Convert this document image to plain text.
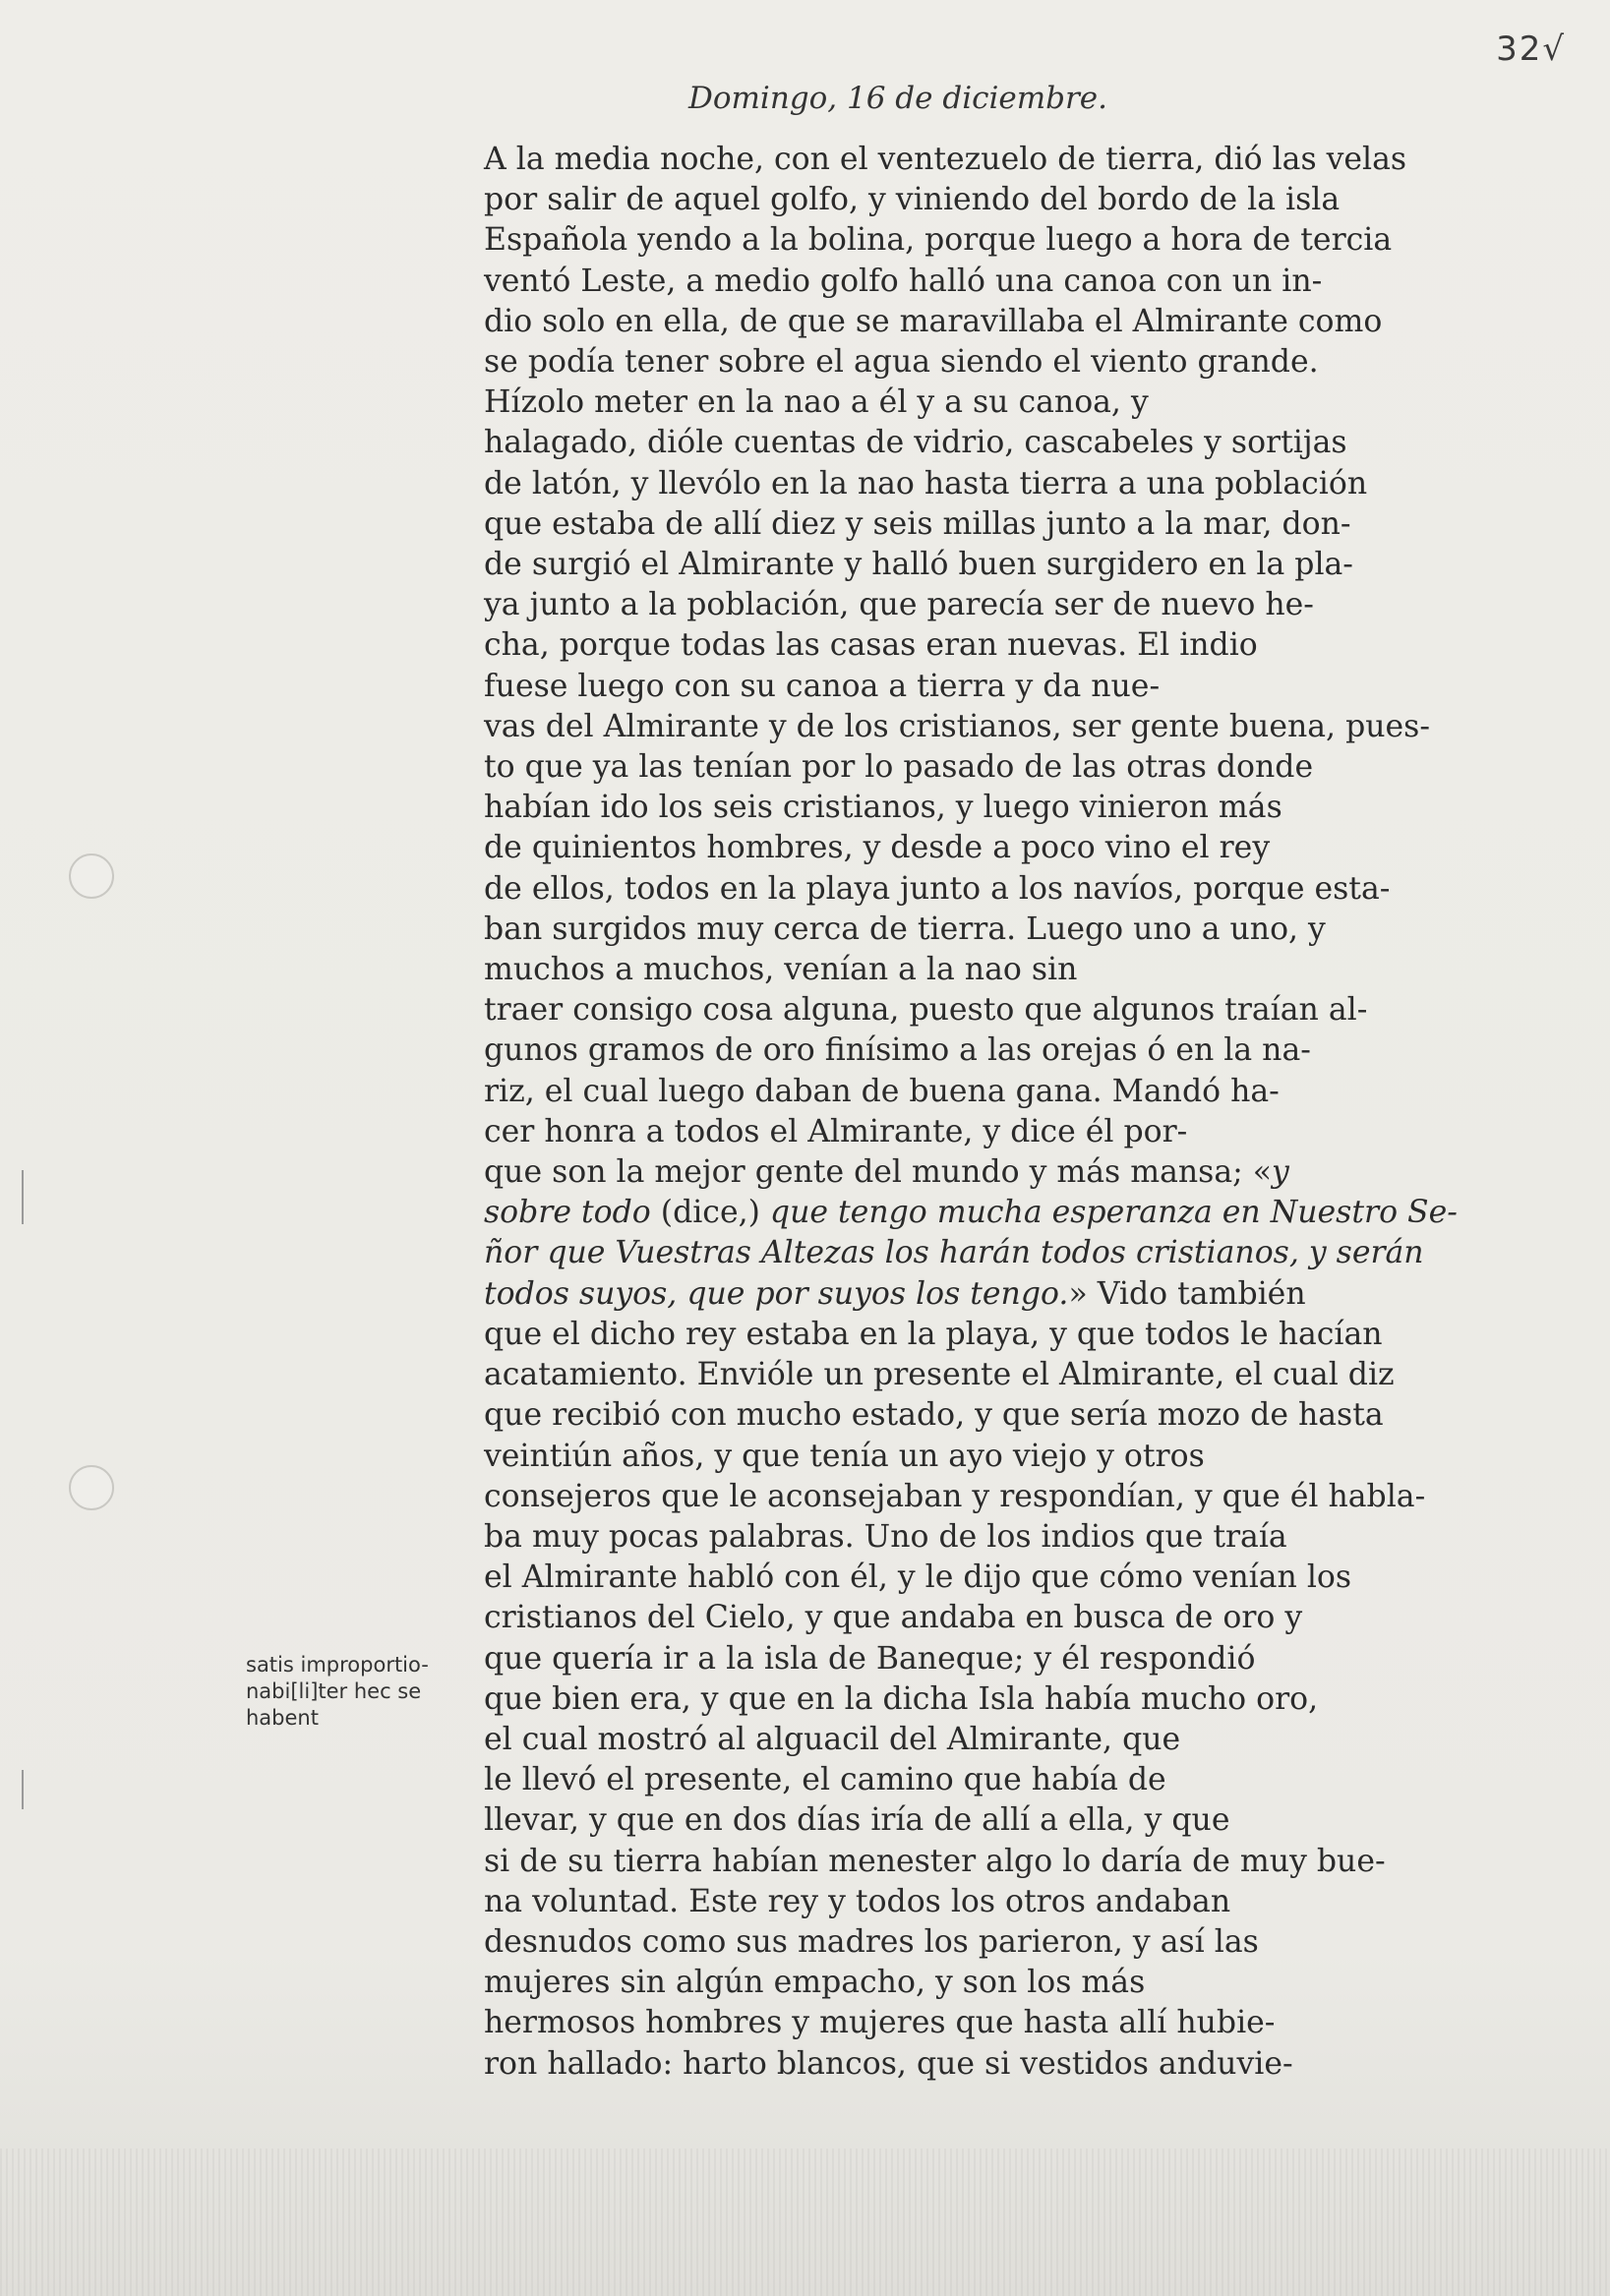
32√
Domingo, 16 de diciembre.
A la media noche, con el ventezuelo de tierra, dió las velas
por salir de aquel golfo, y viniendo del bordo de la isla
Española yendo a la bolina, porque luego a hora de tercia
ventó Leste, a medio golfo halló una canoa con un in-
dio solo en ella, de que se maravillaba el Almirante como
se podía tener sobre el agua siendo el viento grande.
Hízolo meter en la nao a él y a su canoa, y
halagado, dióle cuentas de vidrio, cascabeles y sortijas
de latón, y llevólo en la nao hasta tierra a una población
que estaba de allí diez y seis millas junto a la mar, don-
de surgió el Almirante y halló buen surgidero en la pla-
ya junto a la población, que parecía ser de nuevo he-
cha, porque todas las casas eran nuevas. El indio
fuese luego con su canoa a tierra y da nue-
vas del Almirante y de los cristianos, ser gente buena, pues-
to que ya las tenían por lo pasado de las otras donde
habían ido los seis cristianos, y luego vinieron más
de quinientos hombres, y desde a poco vino el rey
de ellos, todos en la playa junto a los navíos, porque esta-
ban surgidos muy cerca de tierra. Luego uno a uno, y
muchos a muchos, venían a la nao sin
traer consigo cosa alguna, puesto que algunos traían al-
gunos gramos de oro finísimo a las orejas ó en la na-
riz, el cual luego daban de buena gana. Mandó ha-
cer honra a todos el Almirante, y dice él por-
que son la mejor gente del mundo y más mansa; «y
sobre todo (dice,) que tengo mucha esperanza en Nuestro Se-
ñor que Vuestras Altezas los harán todos cristianos, y serán
todos suyos, que por suyos los tengo.» Vido también
que el dicho rey estaba en la playa, y que todos le hacían
acatamiento. Envióle un presente el Almirante, el cual diz
que recibió con mucho estado, y que sería mozo de hasta
veintiún años, y que tenía un ayo viejo y otros
consejeros que le aconsejaban y respondían, y que él habla-
ba muy pocas palabras. Uno de los indios que traía
el Almirante habló con él, y le dijo que cómo venían los
cristianos del Cielo, y que andaba en busca de oro y
que quería ir a la isla de Baneque; y él respondió
que bien era, y que en la dicha Isla había mucho oro,
el cual mostró al alguacil del Almirante, que
le llevó el presente, el camino que había de
llevar, y que en dos días iría de allí a ella, y que
si de su tierra habían menester algo lo daría de muy bue-
na voluntad. Este rey y todos los otros andaban
desnudos como sus madres los parieron, y así las
mujeres sin algún empacho, y son los más
hermosos hombres y mujeres que hasta allí hubie-
ron hallado: harto blancos, que si vestidos anduvie-
satis improportio-
nabi[li]ter hec se
habent
